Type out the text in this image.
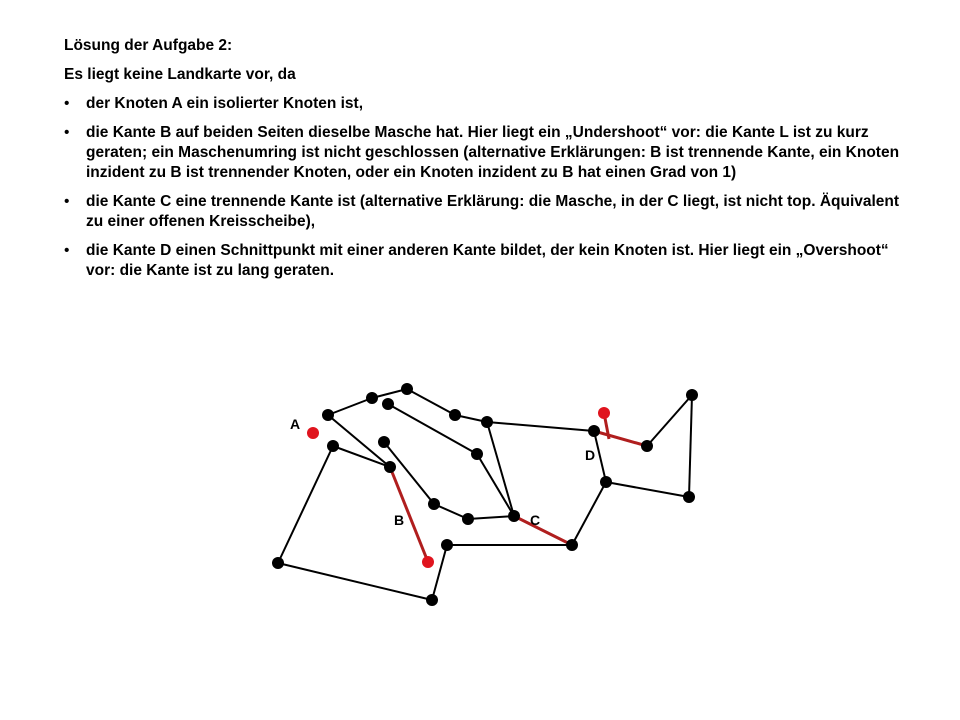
Lösung der Aufgabe 2:

Es liegt keine Landkarte vor, da

• der Knoten A ein isolierter Knoten ist,
• die Kante B auf beiden Seiten dieselbe Masche hat. Hier liegt ein „Undershoot“ vor: die Kante L ist zu kurz geraten; ein Maschenumring ist nicht geschlossen (alternative Erklärungen: B ist trennende Kante, ein Knoten inzident zu B ist trennender Knoten, oder ein Knoten inzident zu B hat einen Grad von 1)
• die Kante C eine trennende Kante ist (alternative Erklärung: die Masche, in der C liegt, ist nicht top. Äquivalent zu einer offenen Kreisscheibe),
• die Kante D einen Schnittpunkt mit einer anderen Kante bildet, der kein Knoten ist. Hier liegt ein „Overshoot“ vor: die Kante ist zu lang geraten.
A
B	C
D
